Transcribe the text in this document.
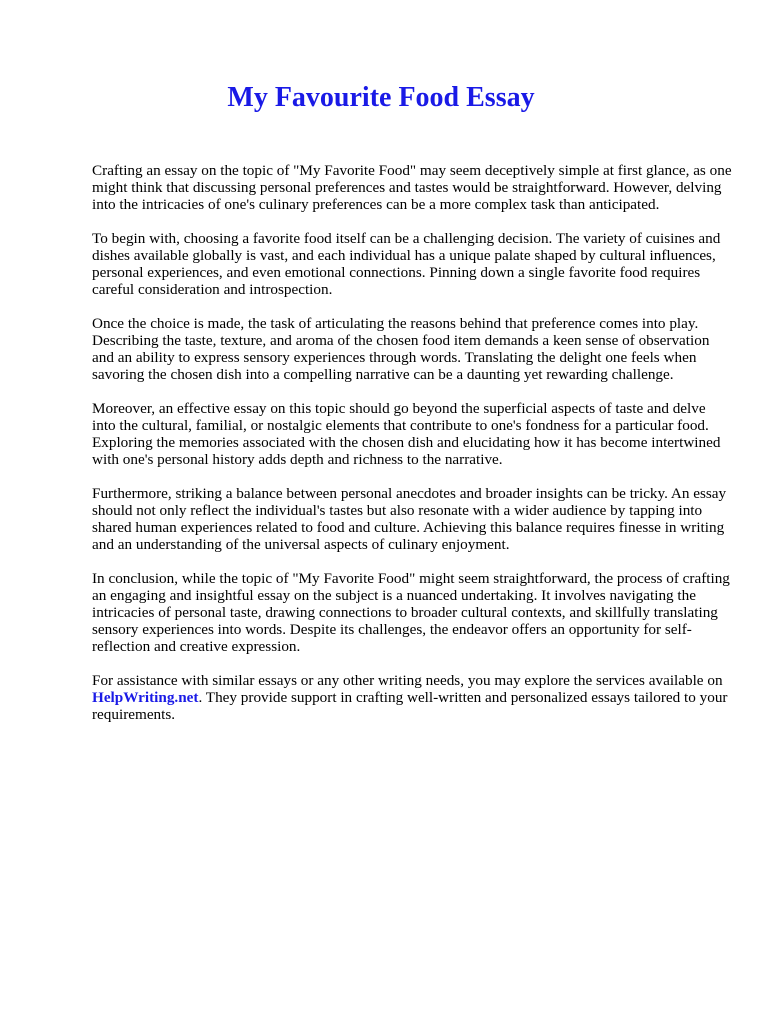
My Favourite Food Essay

Crafting an essay on the topic of "My Favorite Food" may seem deceptively simple at first glance, as one might think that discussing personal preferences and tastes would be straightforward. However, delving into the intricacies of one's culinary preferences can be a more complex task than anticipated.

To begin with, choosing a favorite food itself can be a challenging decision. The variety of cuisines and dishes available globally is vast, and each individual has a unique palate shaped by cultural influences, personal experiences, and even emotional connections. Pinning down a single favorite food requires careful consideration and introspection.

Once the choice is made, the task of articulating the reasons behind that preference comes into play. Describing the taste, texture, and aroma of the chosen food item demands a keen sense of observation and an ability to express sensory experiences through words. Translating the delight one feels when savoring the chosen dish into a compelling narrative can be a daunting yet rewarding challenge.

Moreover, an effective essay on this topic should go beyond the superficial aspects of taste and delve into the cultural, familial, or nostalgic elements that contribute to one's fondness for a particular food. Exploring the memories associated with the chosen dish and elucidating how it has become intertwined with one's personal history adds depth and richness to the narrative.

Furthermore, striking a balance between personal anecdotes and broader insights can be tricky. An essay should not only reflect the individual's tastes but also resonate with a wider audience by tapping into shared human experiences related to food and culture. Achieving this balance requires finesse in writing and an understanding of the universal aspects of culinary enjoyment.

In conclusion, while the topic of "My Favorite Food" might seem straightforward, the process of crafting an engaging and insightful essay on the subject is a nuanced undertaking. It involves navigating the intricacies of personal taste, drawing connections to broader cultural contexts, and skillfully translating sensory experiences into words. Despite its challenges, the endeavor offers an opportunity for self-reflection and creative expression.

For assistance with similar essays or any other writing needs, you may explore the services available on HelpWriting.net. They provide support in crafting well-written and personalized essays tailored to your requirements.
